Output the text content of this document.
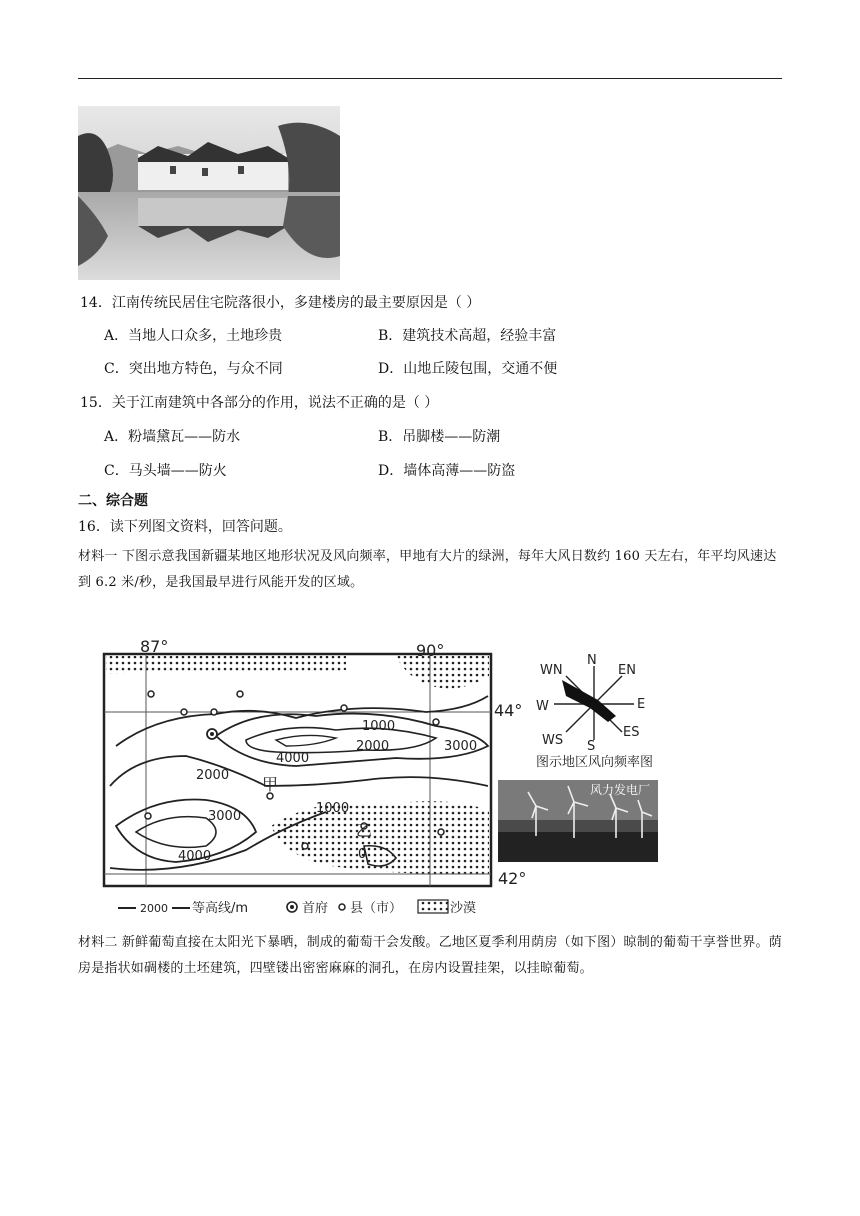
14．江南传统民居住宅院落很小，多建楼房的最主要原因是（ ）
A．当地人口众多，土地珍贵	B．建筑技术高超，经验丰富
C．突出地方特色，与众不同	D．山地丘陵包围，交通不便
15．关于江南建筑中各部分的作用，说法不正确的是（ ）
A．粉墙黛瓦——防水	B．吊脚楼——防潮
C．马头墙——防火	D．墙体高薄——防盗
二、综合题
16．读下列图文资料，回答问题。
材料一 下图示意我国新疆某地区地形状况及风向频率，甲地有大片的绿洲，每年大风日数约 160 天左右，年平均风速达到 6.2 米/秒，是我国最早进行风能开发的区域。
1000
2000	3000
4000
2000
3000
1000
4000	0
甲
乙
87°	90°
44°
42°
2000 等高线/m	首府 县（市）	沙漠
N
EN
E
ES
S
WS
W
WN
图示地区风向频率图
风力发电厂
材料二 新鲜葡萄直接在太阳光下暴晒，制成的葡萄干会发酸。乙地区夏季利用荫房（如下图）晾制的葡萄干享誉世界。荫房是指状如碉楼的土坯建筑，四壁镂出密密麻麻的洞孔，在房内设置挂架，以挂晾葡萄。
